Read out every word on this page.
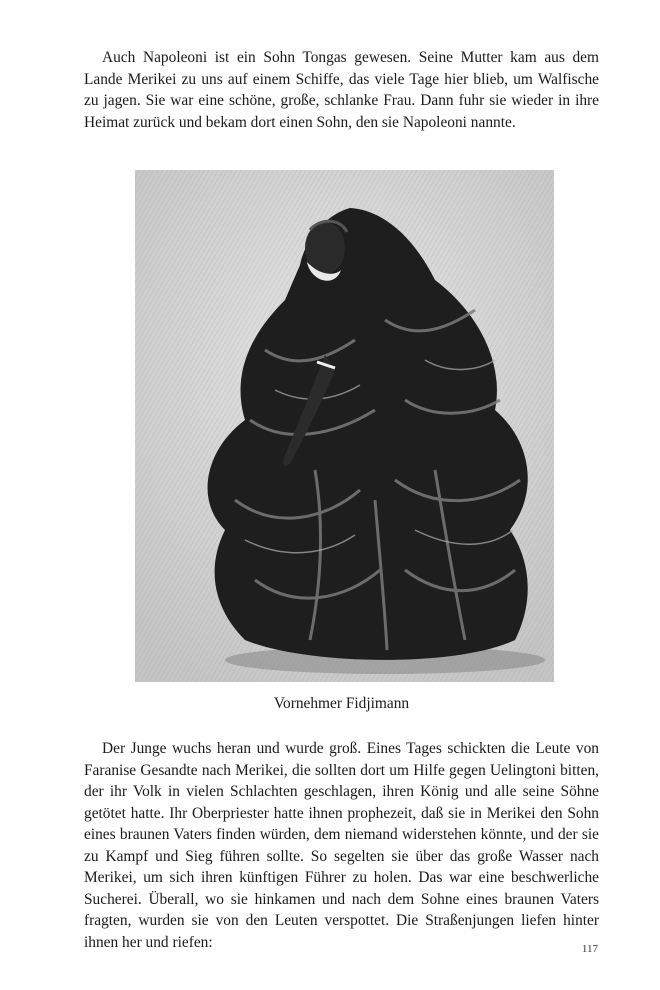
Auch Napoleoni ist ein Sohn Tongas gewesen. Seine Mutter kam aus dem Lande Merikei zu uns auf einem Schiffe, das viele Tage hier blieb, um Walfische zu jagen. Sie war eine schöne, große, schlanke Frau. Dann fuhr sie wieder in ihre Heimat zurück und bekam dort einen Sohn, den sie Napoleoni nannte.

Vornehmer Fidjimann

Der Junge wuchs heran und wurde groß. Eines Tages schickten die Leute von Faranise Gesandte nach Merikei, die sollten dort um Hilfe gegen Uelingtoni bitten, der ihr Volk in vielen Schlachten geschlagen, ihren König und alle seine Söhne getötet hatte. Ihr Oberpriester hatte ihnen prophezeit, daß sie in Merikei den Sohn eines braunen Vaters finden würden, dem niemand widerstehen könnte, und der sie zu Kampf und Sieg führen sollte. So segelten sie über das große Wasser nach Merikei, um sich ihren künftigen Führer zu holen. Das war eine beschwerliche Sucherei. Überall, wo sie hinkamen und nach dem Sohne eines braunen Vaters fragten, wurden sie von den Leuten verspottet. Die Straßenjungen liefen hinter ihnen her und riefen:	117
